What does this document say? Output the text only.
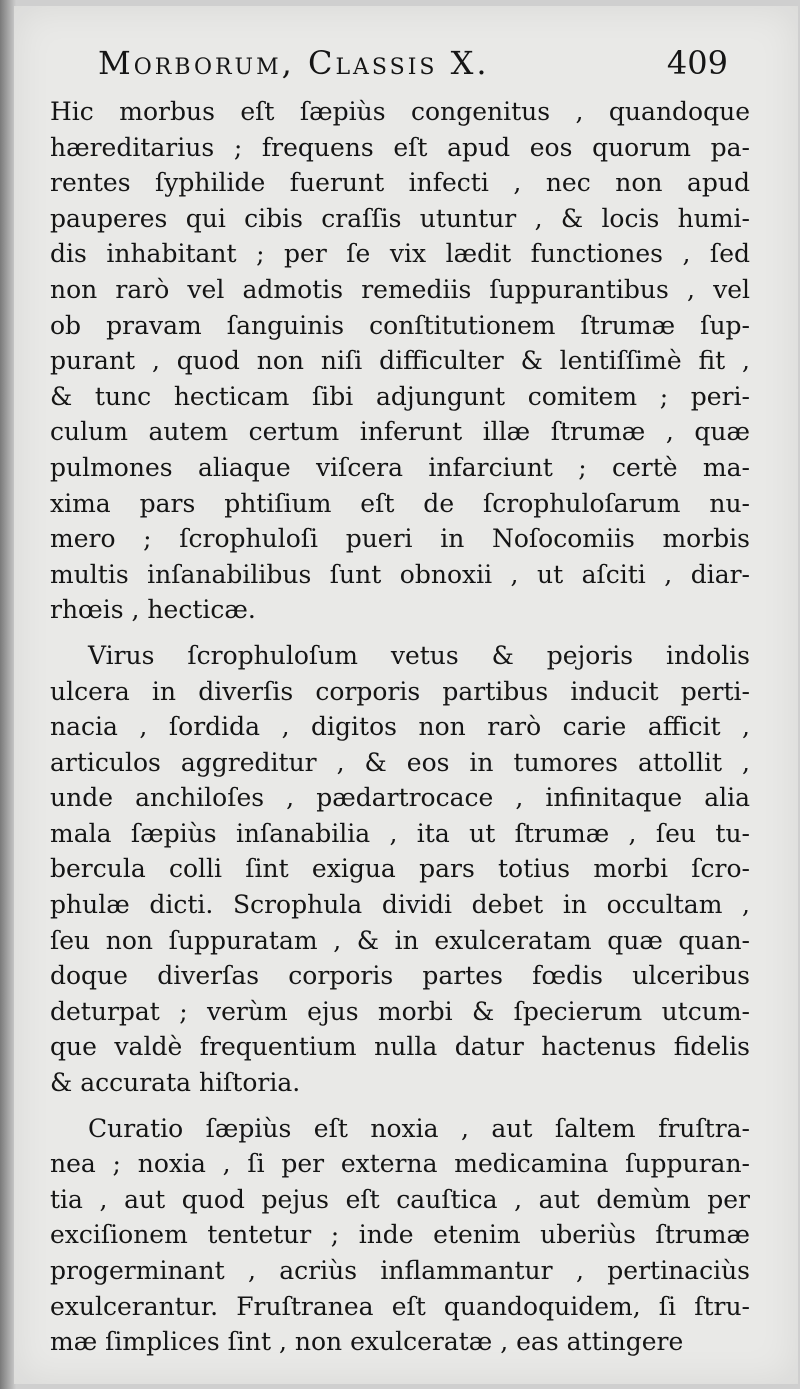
Morborum, Classis X.	409
Hic morbus eſt ſæpiùs congenitus , quandoque
hæreditarius ; frequens eſt apud eos quorum pa-
rentes ſyphilide fuerunt infecti , nec non apud
pauperes qui cibis craſſis utuntur , & locis humi-
dis inhabitant ; per ſe vix lædit functiones , ſed
non rarò vel admotis remediis ſuppurantibus , vel
ob pravam ſanguinis conſtitutionem ſtrumæ ſup-
purant , quod non niſi difficulter & lentiſſimè fit ,
& tunc hecticam ſibi adjungunt comitem ; peri-
culum autem certum inferunt illæ ſtrumæ , quæ
pulmones aliaque viſcera infarciunt ; certè ma-
xima pars phtiſium eſt de ſcrophuloſarum nu-
mero ; ſcrophuloſi pueri in Noſocomiis morbis
multis inſanabilibus ſunt obnoxii , ut aſciti , diar-
rhœis , hecticæ.
Virus ſcrophuloſum vetus & pejoris indolis
ulcera in diverſis corporis partibus inducit perti-
nacia , ſordida , digitos non rarò carie afficit ,
articulos aggreditur , & eos in tumores attollit ,
unde anchiloſes , pædartrocace , infinitaque alia
mala ſæpiùs inſanabilia , ita ut ſtrumæ , ſeu tu-
bercula colli ſint exigua pars totius morbi ſcro-
phulæ dicti. Scrophula dividi debet in occultam ,
ſeu non ſuppuratam , & in exulceratam quæ quan-
doque diverſas corporis partes fœdis ulceribus
deturpat ; verùm ejus morbi & ſpecierum utcum-
que valdè frequentium nulla datur hactenus fidelis
& accurata hiſtoria.
Curatio ſæpiùs eſt noxia , aut ſaltem fruſtra-
nea ; noxia , ſi per externa medicamina ſuppuran-
tia , aut quod pejus eſt cauſtica , aut demùm per
exciſionem tentetur ; inde etenim uberiùs ſtrumæ
progerminant , acriùs inflammantur , pertinaciùs
exulcerantur. Fruſtranea eſt quandoquidem, ſi ſtru-
mæ ſimplices ſint , non exulceratæ , eas attingere
